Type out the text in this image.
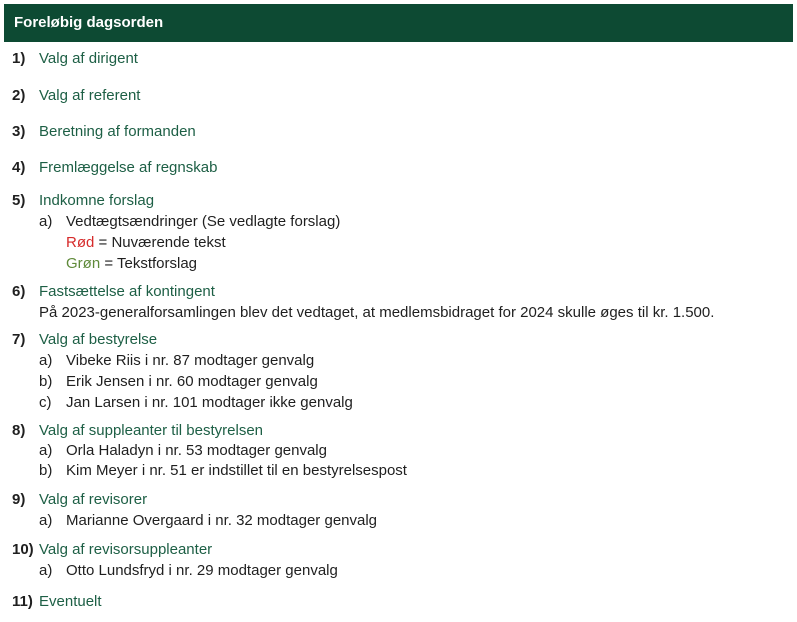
Foreløbig dagsorden
1) Valg af dirigent
2) Valg af referent
3) Beretning af formanden
4) Fremlæggelse af regnskab
5) Indkomne forslag
a) Vedtægtsændringer (Se vedlagte forslag)
Rød = Nuværende tekst
Grøn = Tekstforslag
6) Fastsættelse af kontingent
På 2023-generalforsamlingen blev det vedtaget, at medlemsbidraget for 2024 skulle øges til kr. 1.500.
7) Valg af bestyrelse
a) Vibeke Riis i nr. 87 modtager genvalg
b) Erik Jensen i nr. 60 modtager genvalg
c) Jan Larsen i nr. 101 modtager ikke genvalg
8) Valg af suppleanter til bestyrelsen
a) Orla Haladyn i nr. 53 modtager genvalg
b) Kim Meyer i nr. 51 er indstillet til en bestyrelsespost
9) Valg af revisorer
a) Marianne Overgaard i nr. 32 modtager genvalg
10) Valg af revisorsuppleanter
a) Otto Lundsfryd i nr. 29 modtager genvalg
11) Eventuelt
